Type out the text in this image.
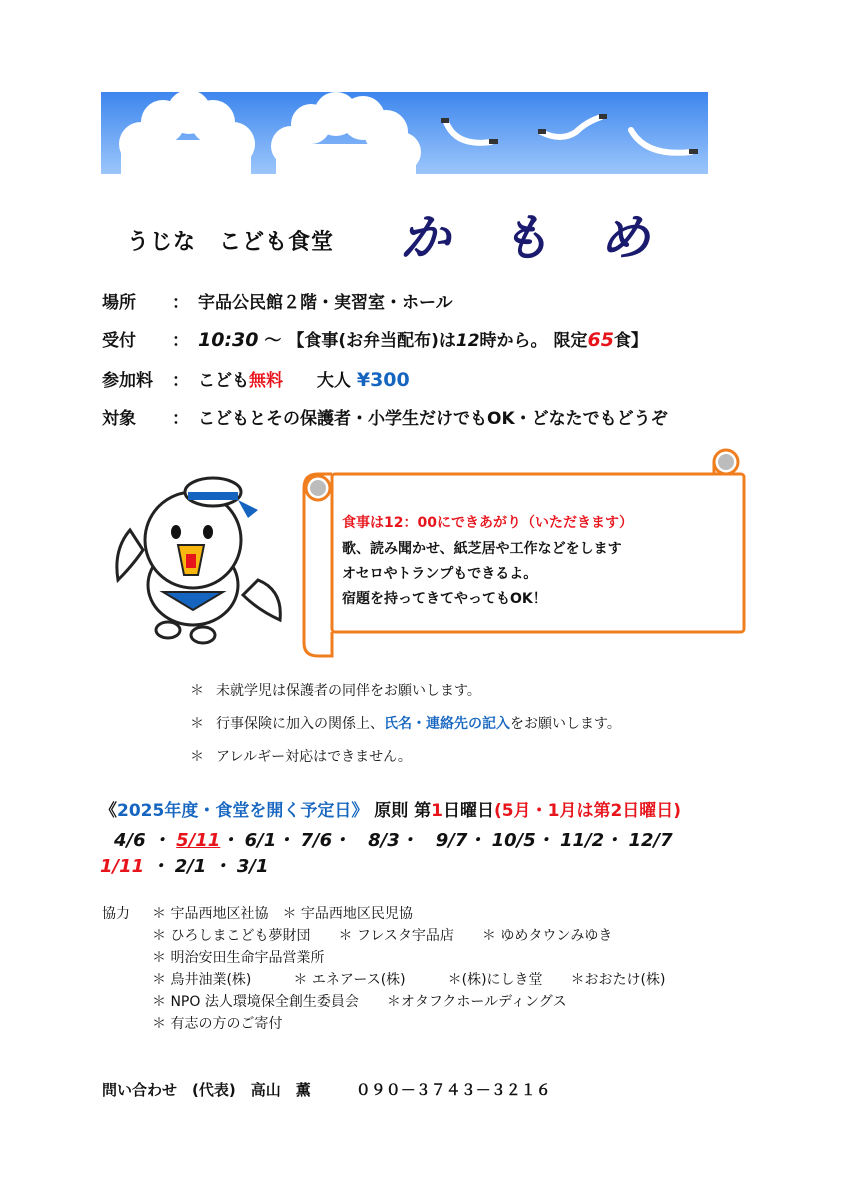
うじな　こども食堂 か も め
場所 ： 宇品公民館２階・実習室・ホール
受付 ： 10:30 ～ 【食事(お弁当配布)は12時から。 限定65食】
参加料 ： こども無料 大人 ¥300
対象 ： こどもとその保護者・小学生だけでもOK・どなたでもどうぞ
食事は12：00にできあがり（いただきます）
歌、読み聞かせ、紙芝居や工作などをします
オセロやトランプもできるよ。
宿題を持ってきてやってもOK！
＊ 未就学児は保護者の同伴をお願いします。
＊ 行事保険に加入の関係上、氏名・連絡先の記入をお願いします。
＊ アレルギー対応はできません。
《2025年度・食堂を開く予定日》 原則 第1日曜日(5月・1月は第2日曜日)
4/6 ・ 5/11・ 6/1・ 7/6・　8/3・　9/7・ 10/5・ 11/2・ 12/7
1/11 ・ 2/1 ・ 3/1
協力 ＊ 宇品西地区社協　＊ 宇品西地区民児協
＊ ひろしまこども夢財団　　＊ フレスタ宇品店　　＊ ゆめタウンみゆき
＊ 明治安田生命宇品営業所
＊ 鳥井油業(株)　　　＊ エネアース(株)　　　＊(株)にしき堂　　＊おおたけ(株)
＊ NPO 法人環境保全創生委員会　　＊オタフクホールディングス
＊ 有志の方のご寄付
問い合わせ　(代表)　高山　薫　　　０９０－３７４３－３２１６
